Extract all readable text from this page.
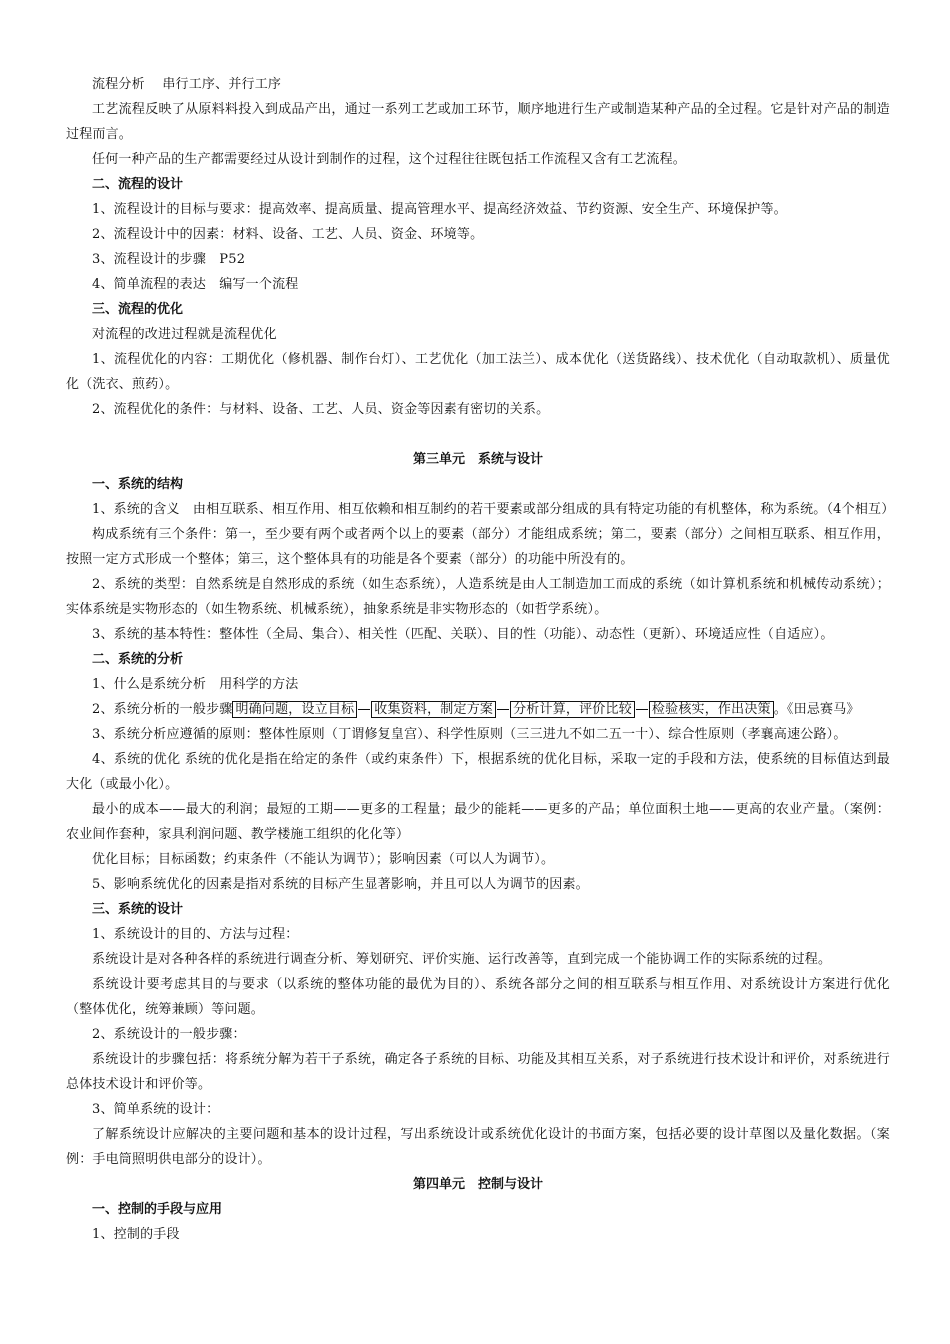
流程分析　 串行工序、并行工序

工艺流程反映了从原料料投入到成品产出，通过一系列工艺或加工环节，顺序地进行生产或制造某种产品的全过程。它是针对产品的制造过程而言。

任何一种产品的生产都需要经过从设计到制作的过程，这个过程往往既包括工作流程又含有工艺流程。

二、流程的设计

1、流程设计的目标与要求：提高效率、提高质量、提高管理水平、提高经济效益、节约资源、安全生产、环境保护等。

2、流程设计中的因素：材料、设备、工艺、人员、资金、环境等。

3、流程设计的步骤　P52

4、简单流程的表达　编写一个流程

三、流程的优化

对流程的改进过程就是流程优化

1、流程优化的内容：工期优化（修机器、制作台灯）、工艺优化（加工法兰）、成本优化（送货路线）、技术优化（自动取款机）、质量优化（洗衣、煎药）。

2、流程优化的条件：与材料、设备、工艺、人员、资金等因素有密切的关系。

第三单元　系统与设计

一、系统的结构

1、系统的含义　由相互联系、相互作用、相互依赖和相互制约的若干要素或部分组成的具有特定功能的有机整体，称为系统。（4个相互）

构成系统有三个条件：第一，至少要有两个或者两个以上的要素（部分）才能组成系统；第二，要素（部分）之间相互联系、相互作用，按照一定方式形成一个整体；第三，这个整体具有的功能是各个要素（部分）的功能中所没有的。

2、系统的类型：自然系统是自然形成的系统（如生态系统），人造系统是由人工制造加工而成的系统（如计算机系统和机械传动系统）；实体系统是实物形态的（如生物系统、机械系统），抽象系统是非实物形态的（如哲学系统）。

3、系统的基本特性：整体性（全局、集合）、相关性（匹配、关联）、目的性（功能）、动态性（更新）、环境适应性（自适应）。

二、系统的分析

1、什么是系统分析　用科学的方法

2、系统分析的一般步骤 明确问题，设立目标 收集资料，制定方案 分析计算，评价比较 检验核实，作出决策 。《田忌赛马》

3、系统分析应遵循的原则：整体性原则（丁谓修复皇宫）、科学性原则（三三进九不如二五一十）、综合性原则（孝襄高速公路）。

4、系统的优化 系统的优化是指在给定的条件（或约束条件）下，根据系统的优化目标，采取一定的手段和方法，使系统的目标值达到最大化（或最小化）。

最小的成本——最大的利润；最短的工期——更多的工程量；最少的能耗——更多的产品；单位面积土地——更高的农业产量。（案例：农业间作套种，家具利润问题、教学楼施工组织的化化等）

优化目标；目标函数；约束条件（不能认为调节）；影响因素（可以人为调节）。

5、影响系统优化的因素是指对系统的目标产生显著影响，并且可以人为调节的因素。

三、系统的设计

1、系统设计的目的、方法与过程：

系统设计是对各种各样的系统进行调查分析、筹划研究、评价实施、运行改善等，直到完成一个能协调工作的实际系统的过程。

系统设计要考虑其目的与要求（以系统的整体功能的最优为目的）、系统各部分之间的相互联系与相互作用、对系统设计方案进行优化（整体优化，统筹兼顾）等问题。

2、系统设计的一般步骤：

系统设计的步骤包括：将系统分解为若干子系统，确定各子系统的目标、功能及其相互关系，对子系统进行技术设计和评价，对系统进行总体技术设计和评价等。

3、简单系统的设计：

了解系统设计应解决的主要问题和基本的设计过程，写出系统设计或系统优化设计的书面方案，包括必要的设计草图以及量化数据。（案例：手电筒照明供电部分的设计）。

第四单元　控制与设计

一、控制的手段与应用

1、控制的手段
